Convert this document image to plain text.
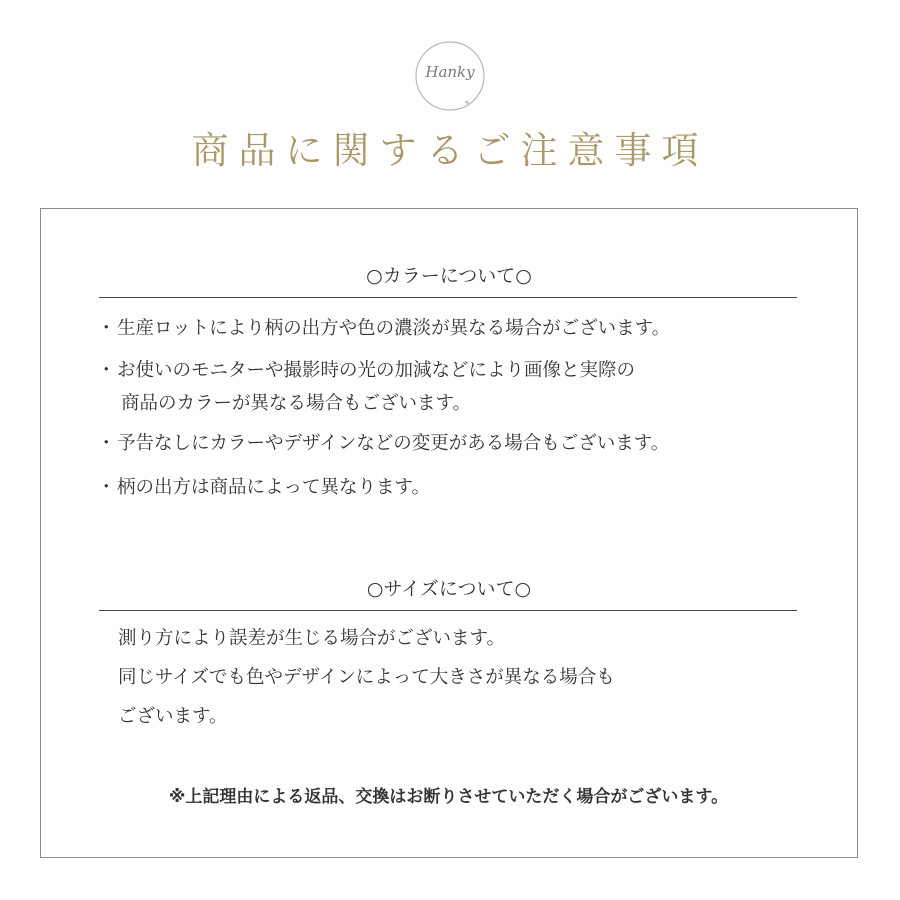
Hanky
商品に関するご注意事項
○カラーについて○
・生産ロットにより柄の出方や色の濃淡が異なる場合がございます。
・お使いのモニターや撮影時の光の加減などにより画像と実際の
商品のカラーが異なる場合もございます。
・予告なしにカラーやデザインなどの変更がある場合もございます。
・柄の出方は商品によって異なります。
○サイズについて○
測り方により誤差が生じる場合がございます。
同じサイズでも色やデザインによって大きさが異なる場合も
ございます。
※上記理由による返品、交換はお断りさせていただく場合がございます。
